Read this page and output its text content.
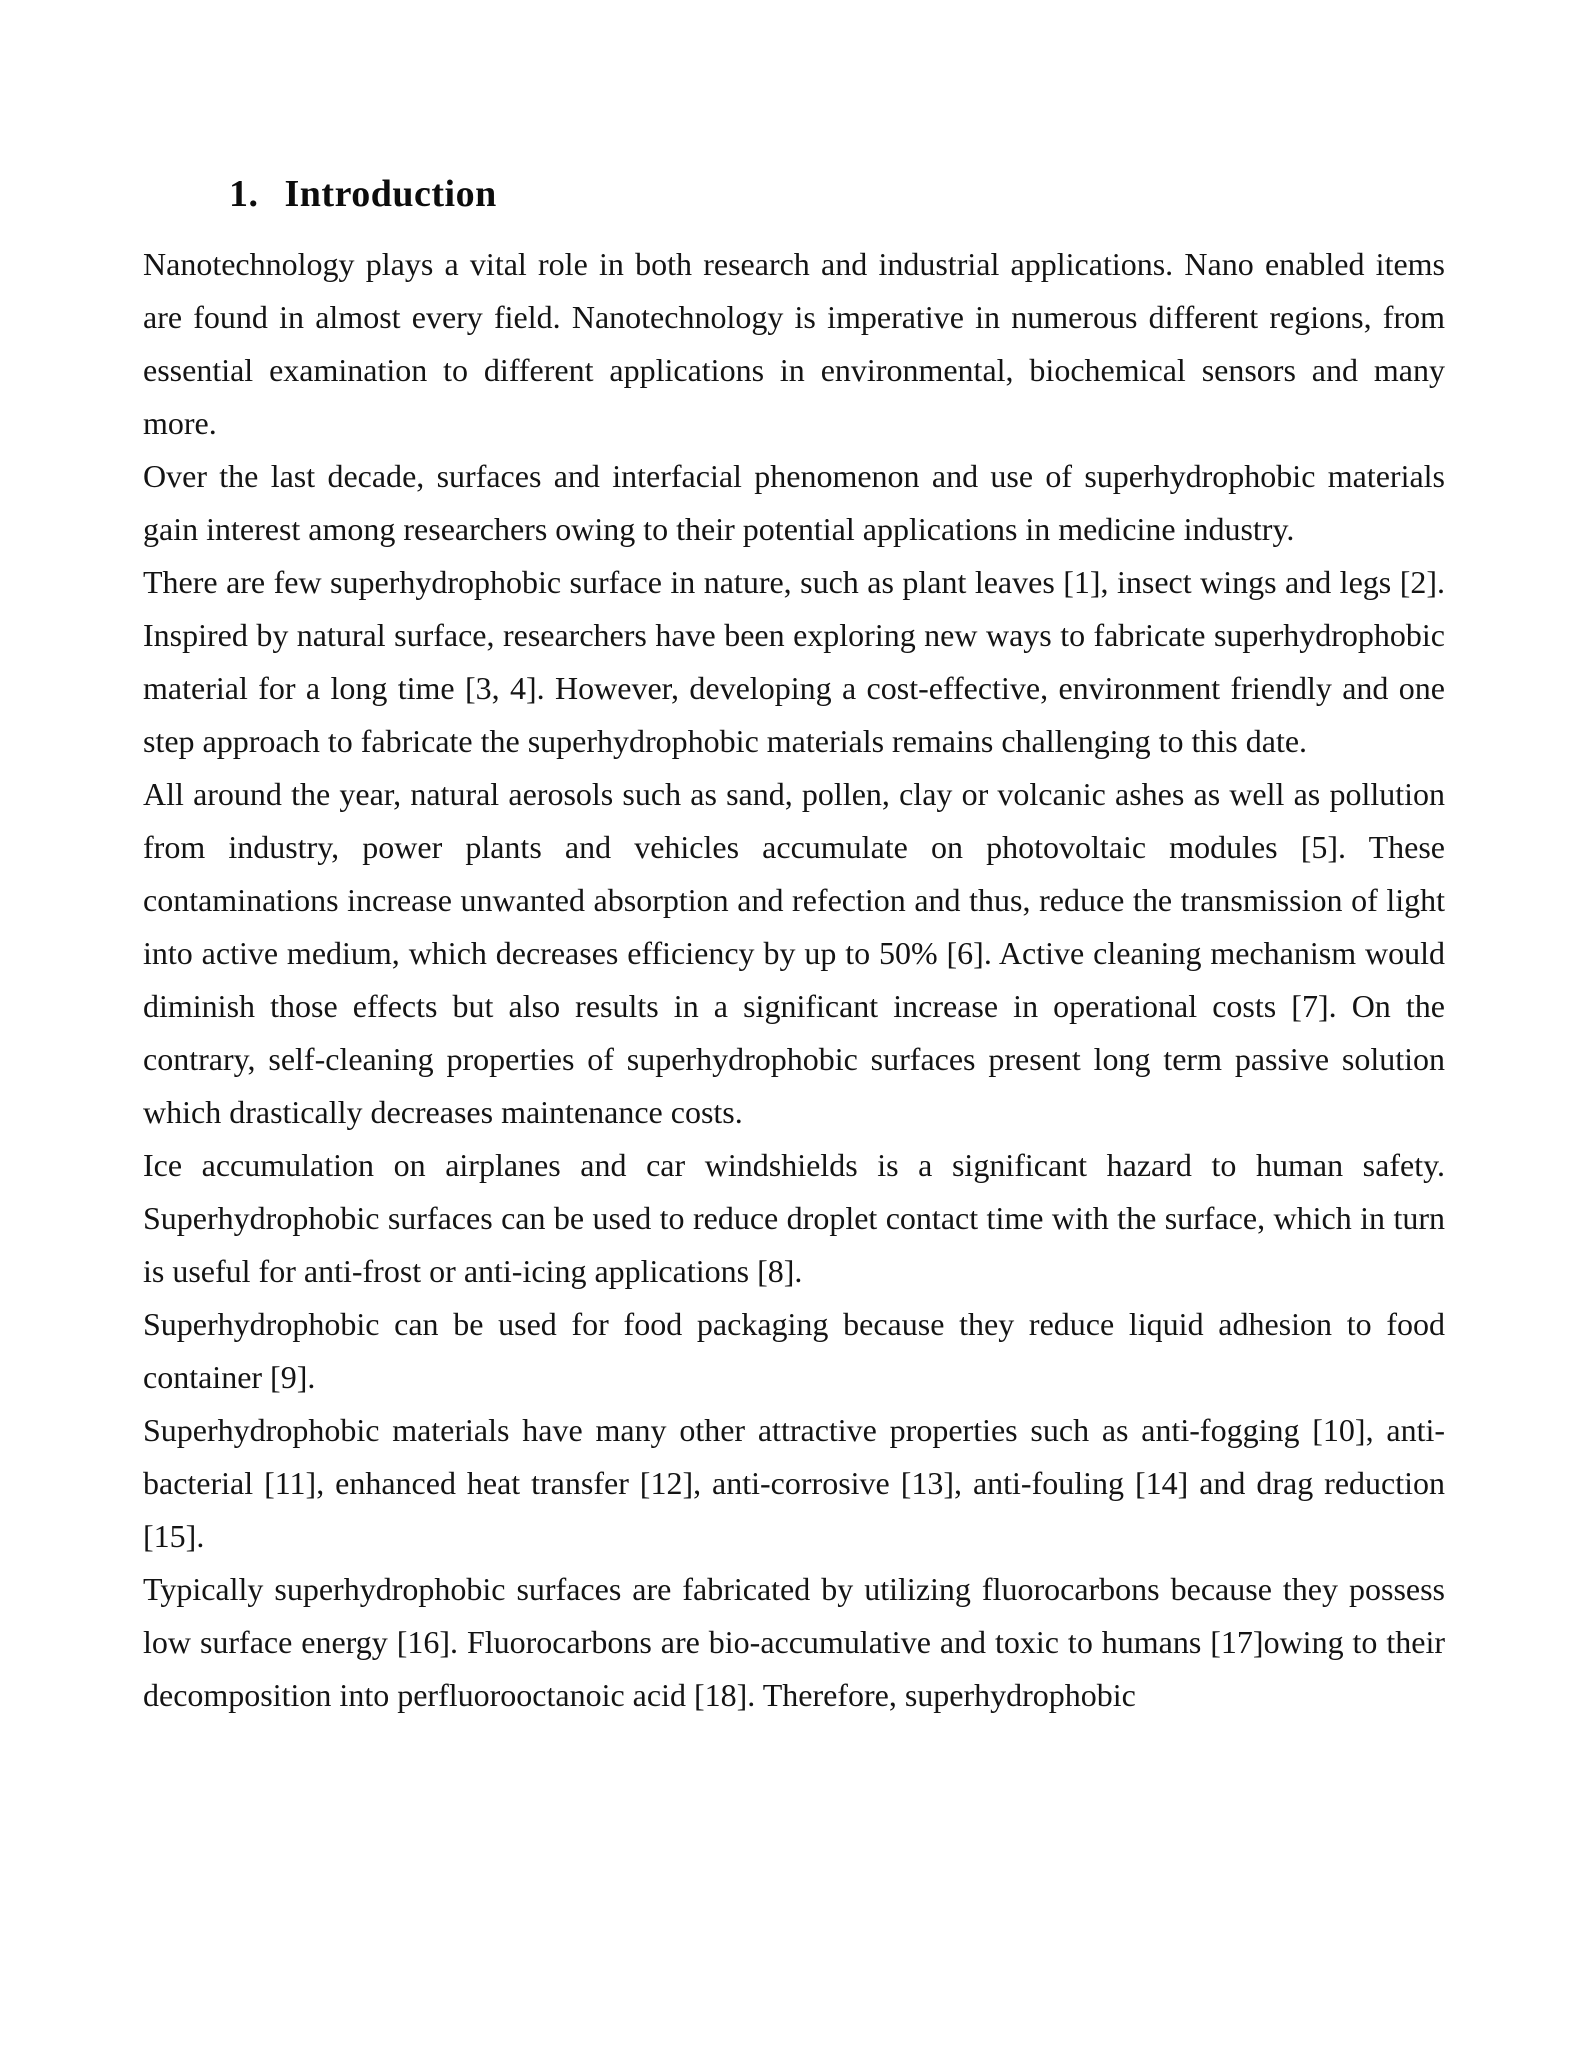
1. Introduction

Nanotechnology plays a vital role in both research and industrial applications. Nano enabled items are found in almost every field. Nanotechnology is imperative in numerous different regions, from essential examination to different applications in environmental, biochemical sensors and many more.

Over the last decade, surfaces and interfacial phenomenon and use of superhydrophobic materials gain interest among researchers owing to their potential applications in medicine industry.

There are few superhydrophobic surface in nature, such as plant leaves [1], insect wings and legs [2]. Inspired by natural surface, researchers have been exploring new ways to fabricate superhydrophobic material for a long time [3, 4]. However, developing a cost-effective, environment friendly and one step approach to fabricate the superhydrophobic materials remains challenging to this date.

All around the year, natural aerosols such as sand, pollen, clay or volcanic ashes as well as pollution from industry, power plants and vehicles accumulate on photovoltaic modules [5]. These contaminations increase unwanted absorption and refection and thus, reduce the transmission of light into active medium, which decreases efficiency by up to 50% [6]. Active cleaning mechanism would diminish those effects but also results in a significant increase in operational costs [7]. On the contrary, self-cleaning properties of superhydrophobic surfaces present long term passive solution which drastically decreases maintenance costs.

Ice accumulation on airplanes and car windshields is a significant hazard to human safety. Superhydrophobic surfaces can be used to reduce droplet contact time with the surface, which in turn is useful for anti-frost or anti-icing applications [8].

Superhydrophobic can be used for food packaging because they reduce liquid adhesion to food container [9].

Superhydrophobic materials have many other attractive properties such as anti-fogging [10], anti-bacterial [11], enhanced heat transfer [12], anti-corrosive [13], anti-fouling [14] and drag reduction [15].

Typically superhydrophobic surfaces are fabricated by utilizing fluorocarbons because they possess low surface energy [16]. Fluorocarbons are bio-accumulative and toxic to humans [17]owing to their decomposition into perfluorooctanoic acid [18]. Therefore, superhydrophobic
